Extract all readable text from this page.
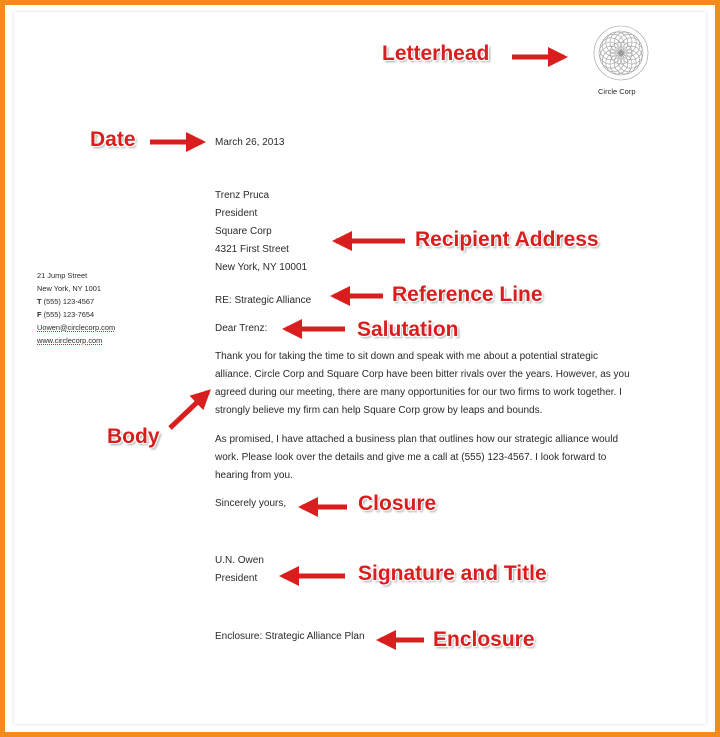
Circle Corp
March 26, 2013
Trenz Pruca
President
Square Corp
4321 First Street
New York, NY 10001
21 Jump Street
New York, NY 1001
T (555) 123-4567
F (555) 123-7654
Uowen@circlecorp.com
www.circlecorp.com
RE: Strategic Alliance
Dear Trenz:
Thank you for taking the time to sit down and speak with me about a potential strategic
alliance. Circle Corp and Square Corp have been bitter rivals over the years. However, as you
agreed during our meeting, there are many opportunities for our two firms to work together. I
strongly believe my firm can help Square Corp grow by leaps and bounds.
As promised, I have attached a business plan that outlines how our strategic alliance would
work. Please look over the details and give me a call at (555) 123-4567. I look forward to
hearing from you.
Sincerely yours,
U.N. Owen
President
Enclosure: Strategic Alliance Plan
Letterhead
Date
Recipient Address
Reference Line
Salutation
Body
Closure
Signature and Title
Enclosure
